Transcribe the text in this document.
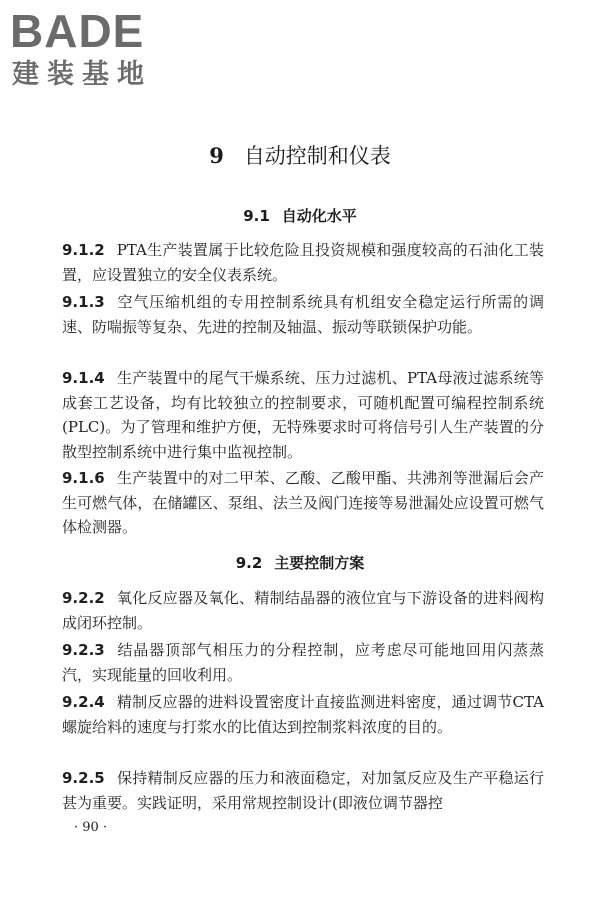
BADE
建装基地
9 自动控制和仪表
9.1 自动化水平

9.1.2 PTA生产装置属于比较危险且投资规模和强度较高的石油化工装置，应设置独立的安全仪表系统。

9.1.3 空气压缩机组的专用控制系统具有机组安全稳定运行所需的调速、防喘振等复杂、先进的控制及轴温、振动等联锁保护功能。

9.1.4 生产装置中的尾气干燥系统、压力过滤机、PTA母液过滤系统等成套工艺设备，均有比较独立的控制要求，可随机配置可编程控制系统(PLC)。为了管理和维护方便，无特殊要求时可将信号引人生产装置的分散型控制系统中进行集中监视控制。

9.1.6 生产装置中的对二甲苯、乙酸、乙酸甲酯、共沸剂等泄漏后会产生可燃气体，在储罐区、泵组、法兰及阀门连接等易泄漏处应设置可燃气体检测器。

9.2 主要控制方案

9.2.2 氧化反应器及氧化、精制结晶器的液位宜与下游设备的进料阀构成闭环控制。

9.2.3 结晶器顶部气相压力的分程控制，应考虑尽可能地回用闪蒸蒸汽，实现能量的回收利用。

9.2.4 精制反应器的进料设置密度计直接监测进料密度，通过调节CTA螺旋给料的速度与打浆水的比值达到控制浆料浓度的目的。

9.2.5 保持精制反应器的压力和液面稳定，对加氢反应及生产平稳运行甚为重要。实践证明，采用常规控制设计(即液位调节器控

· 90 ·
